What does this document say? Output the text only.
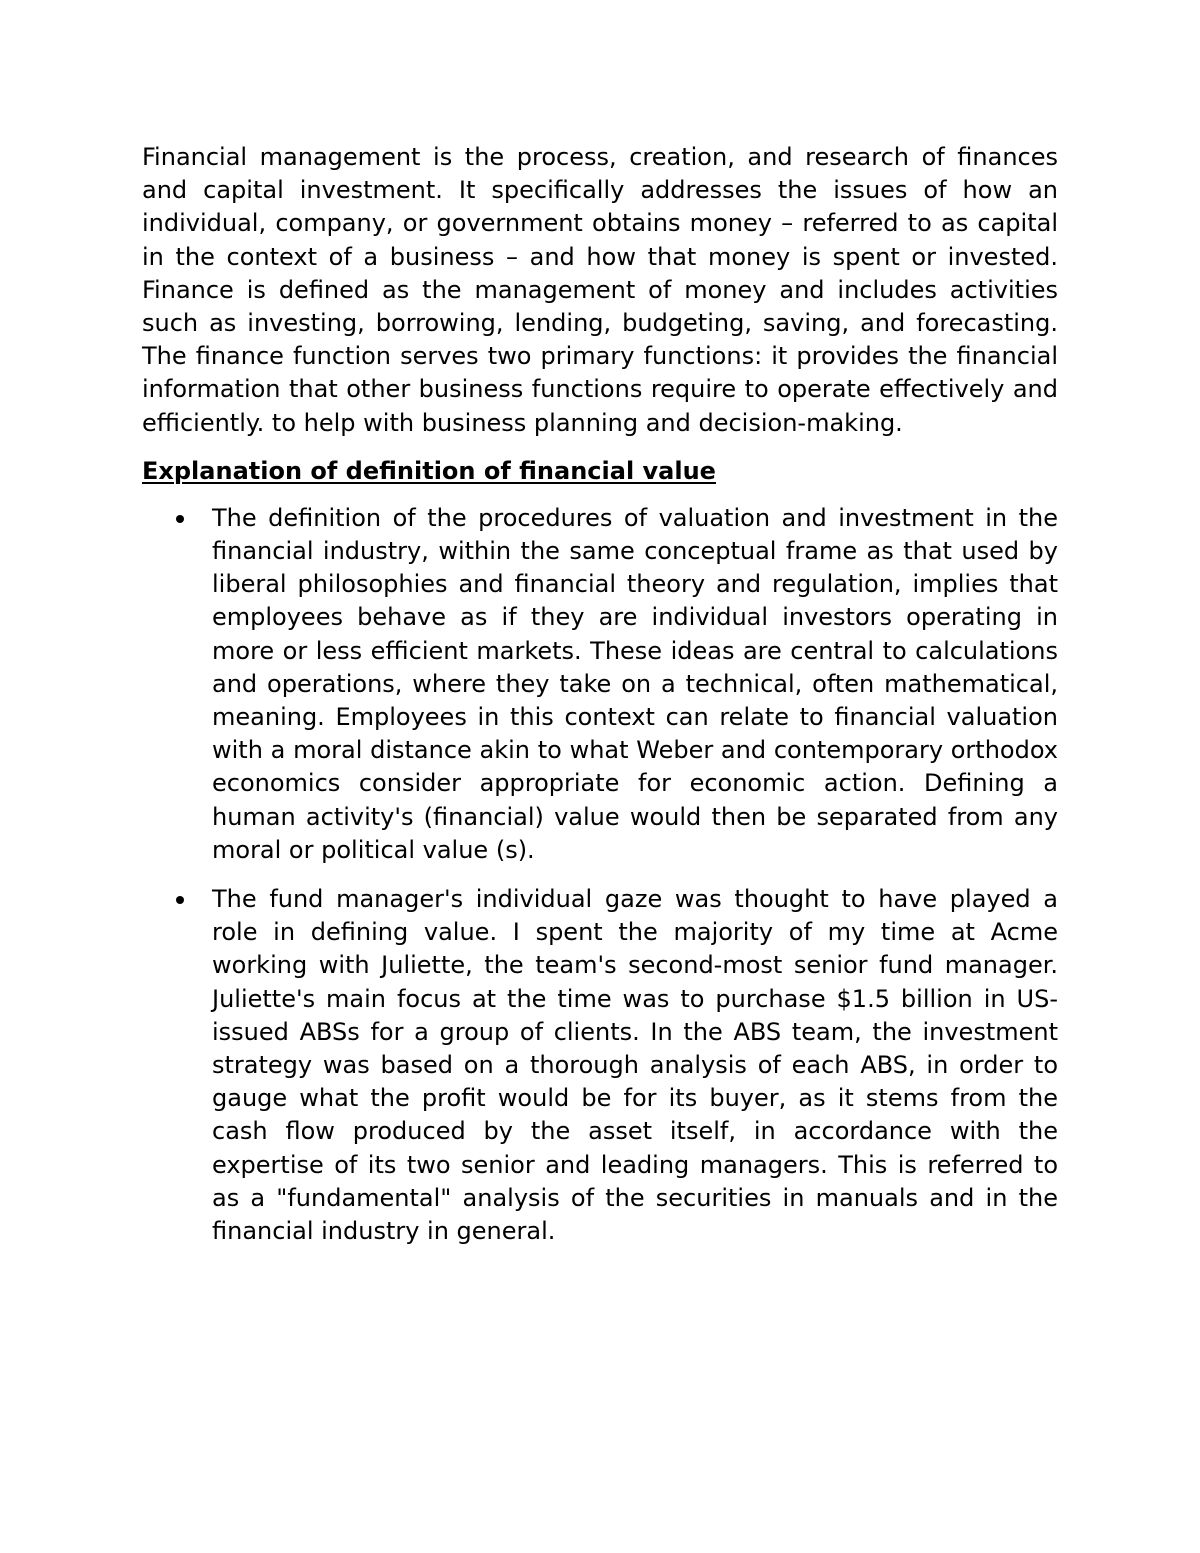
Financial management is the process, creation, and research of finances and capital investment. It specifically addresses the issues of how an individual, company, or government obtains money – referred to as capital in the context of a business – and how that money is spent or invested. Finance is defined as the management of money and includes activities such as investing, borrowing, lending, budgeting, saving, and forecasting. The finance function serves two primary functions: it provides the financial information that other business functions require to operate effectively and efficiently. to help with business planning and decision-making.

Explanation of definition of financial value
The definition of the procedures of valuation and investment in the financial industry, within the same conceptual frame as that used by liberal philosophies and financial theory and regulation, implies that employees behave as if they are individual investors operating in more or less efficient markets. These ideas are central to calculations and operations, where they take on a technical, often mathematical, meaning. Employees in this context can relate to financial valuation with a moral distance akin to what Weber and contemporary orthodox economics consider appropriate for economic action. Defining a human activity's (financial) value would then be separated from any moral or political value (s).
The fund manager's individual gaze was thought to have played a role in defining value. I spent the majority of my time at Acme working with Juliette, the team's second-most senior fund manager. Juliette's main focus at the time was to purchase $1.5 billion in US-issued ABSs for a group of clients. In the ABS team, the investment strategy was based on a thorough analysis of each ABS, in order to gauge what the profit would be for its buyer, as it stems from the cash flow produced by the asset itself, in accordance with the expertise of its two senior and leading managers. This is referred to as a "fundamental" analysis of the securities in manuals and in the financial industry in general.
